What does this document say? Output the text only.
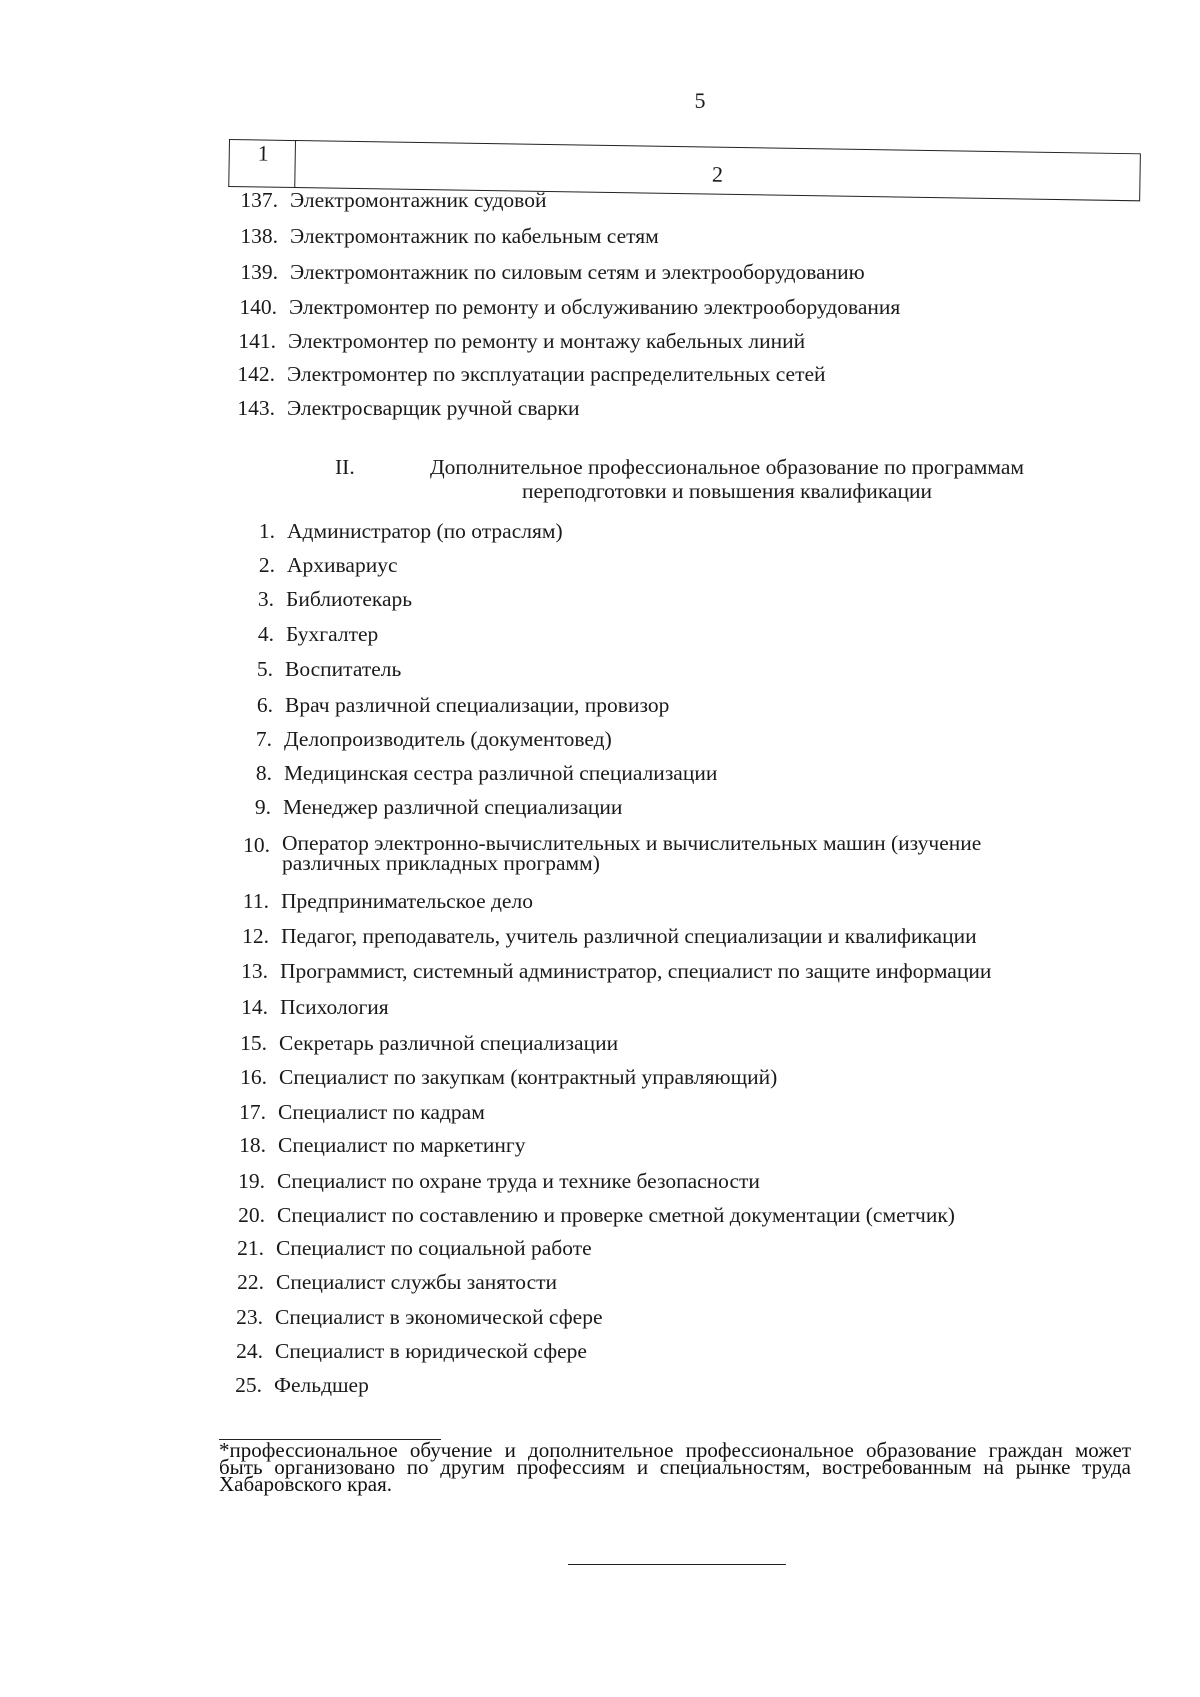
5
1
2
137. Электромонтажник судовой
138. Электромонтажник по кабельным сетям
139. Электромонтажник по силовым сетям и электрооборудованию
140. Электромонтер по ремонту и обслуживанию электрооборудования
141. Электромонтер по ремонту и монтажу кабельных линий
142. Электромонтер по эксплуатации распределительных сетей
143. Электросварщик ручной сварки
II.	Дополнительное профессиональное образование по программам переподготовки и повышения квалификации
1. Администратор (по отраслям)
2. Архивариус
3. Библиотекарь
4. Бухгалтер
5. Воспитатель
6. Врач различной специализации, провизор
7. Делопроизводитель (документовед)
8. Медицинская сестра различной специализации
9. Менеджер различной специализации
10. Оператор электронно-вычислительных и вычислительных машин (изучение различных прикладных программ)
11. Предпринимательское дело
12. Педагог, преподаватель, учитель различной специализации и квалификации
13. Программист, системный администратор, специалист по защите информации
14. Психология
15. Секретарь различной специализации
16. Специалист по закупкам (контрактный управляющий)
17. Специалист по кадрам
18. Специалист по маркетингу
19. Специалист по охране труда и технике безопасности
20. Специалист по составлению и проверке сметной документации (сметчик)
21. Специалист по социальной работе
22. Специалист службы занятости
23. Специалист в экономической сфере
24. Специалист в юридической сфере
25. Фельдшер
*профессиональное обучение и дополнительное профессиональное образование граждан может быть организовано по другим профессиям и специальностям, востребованным на рынке труда Хабаровского края.
